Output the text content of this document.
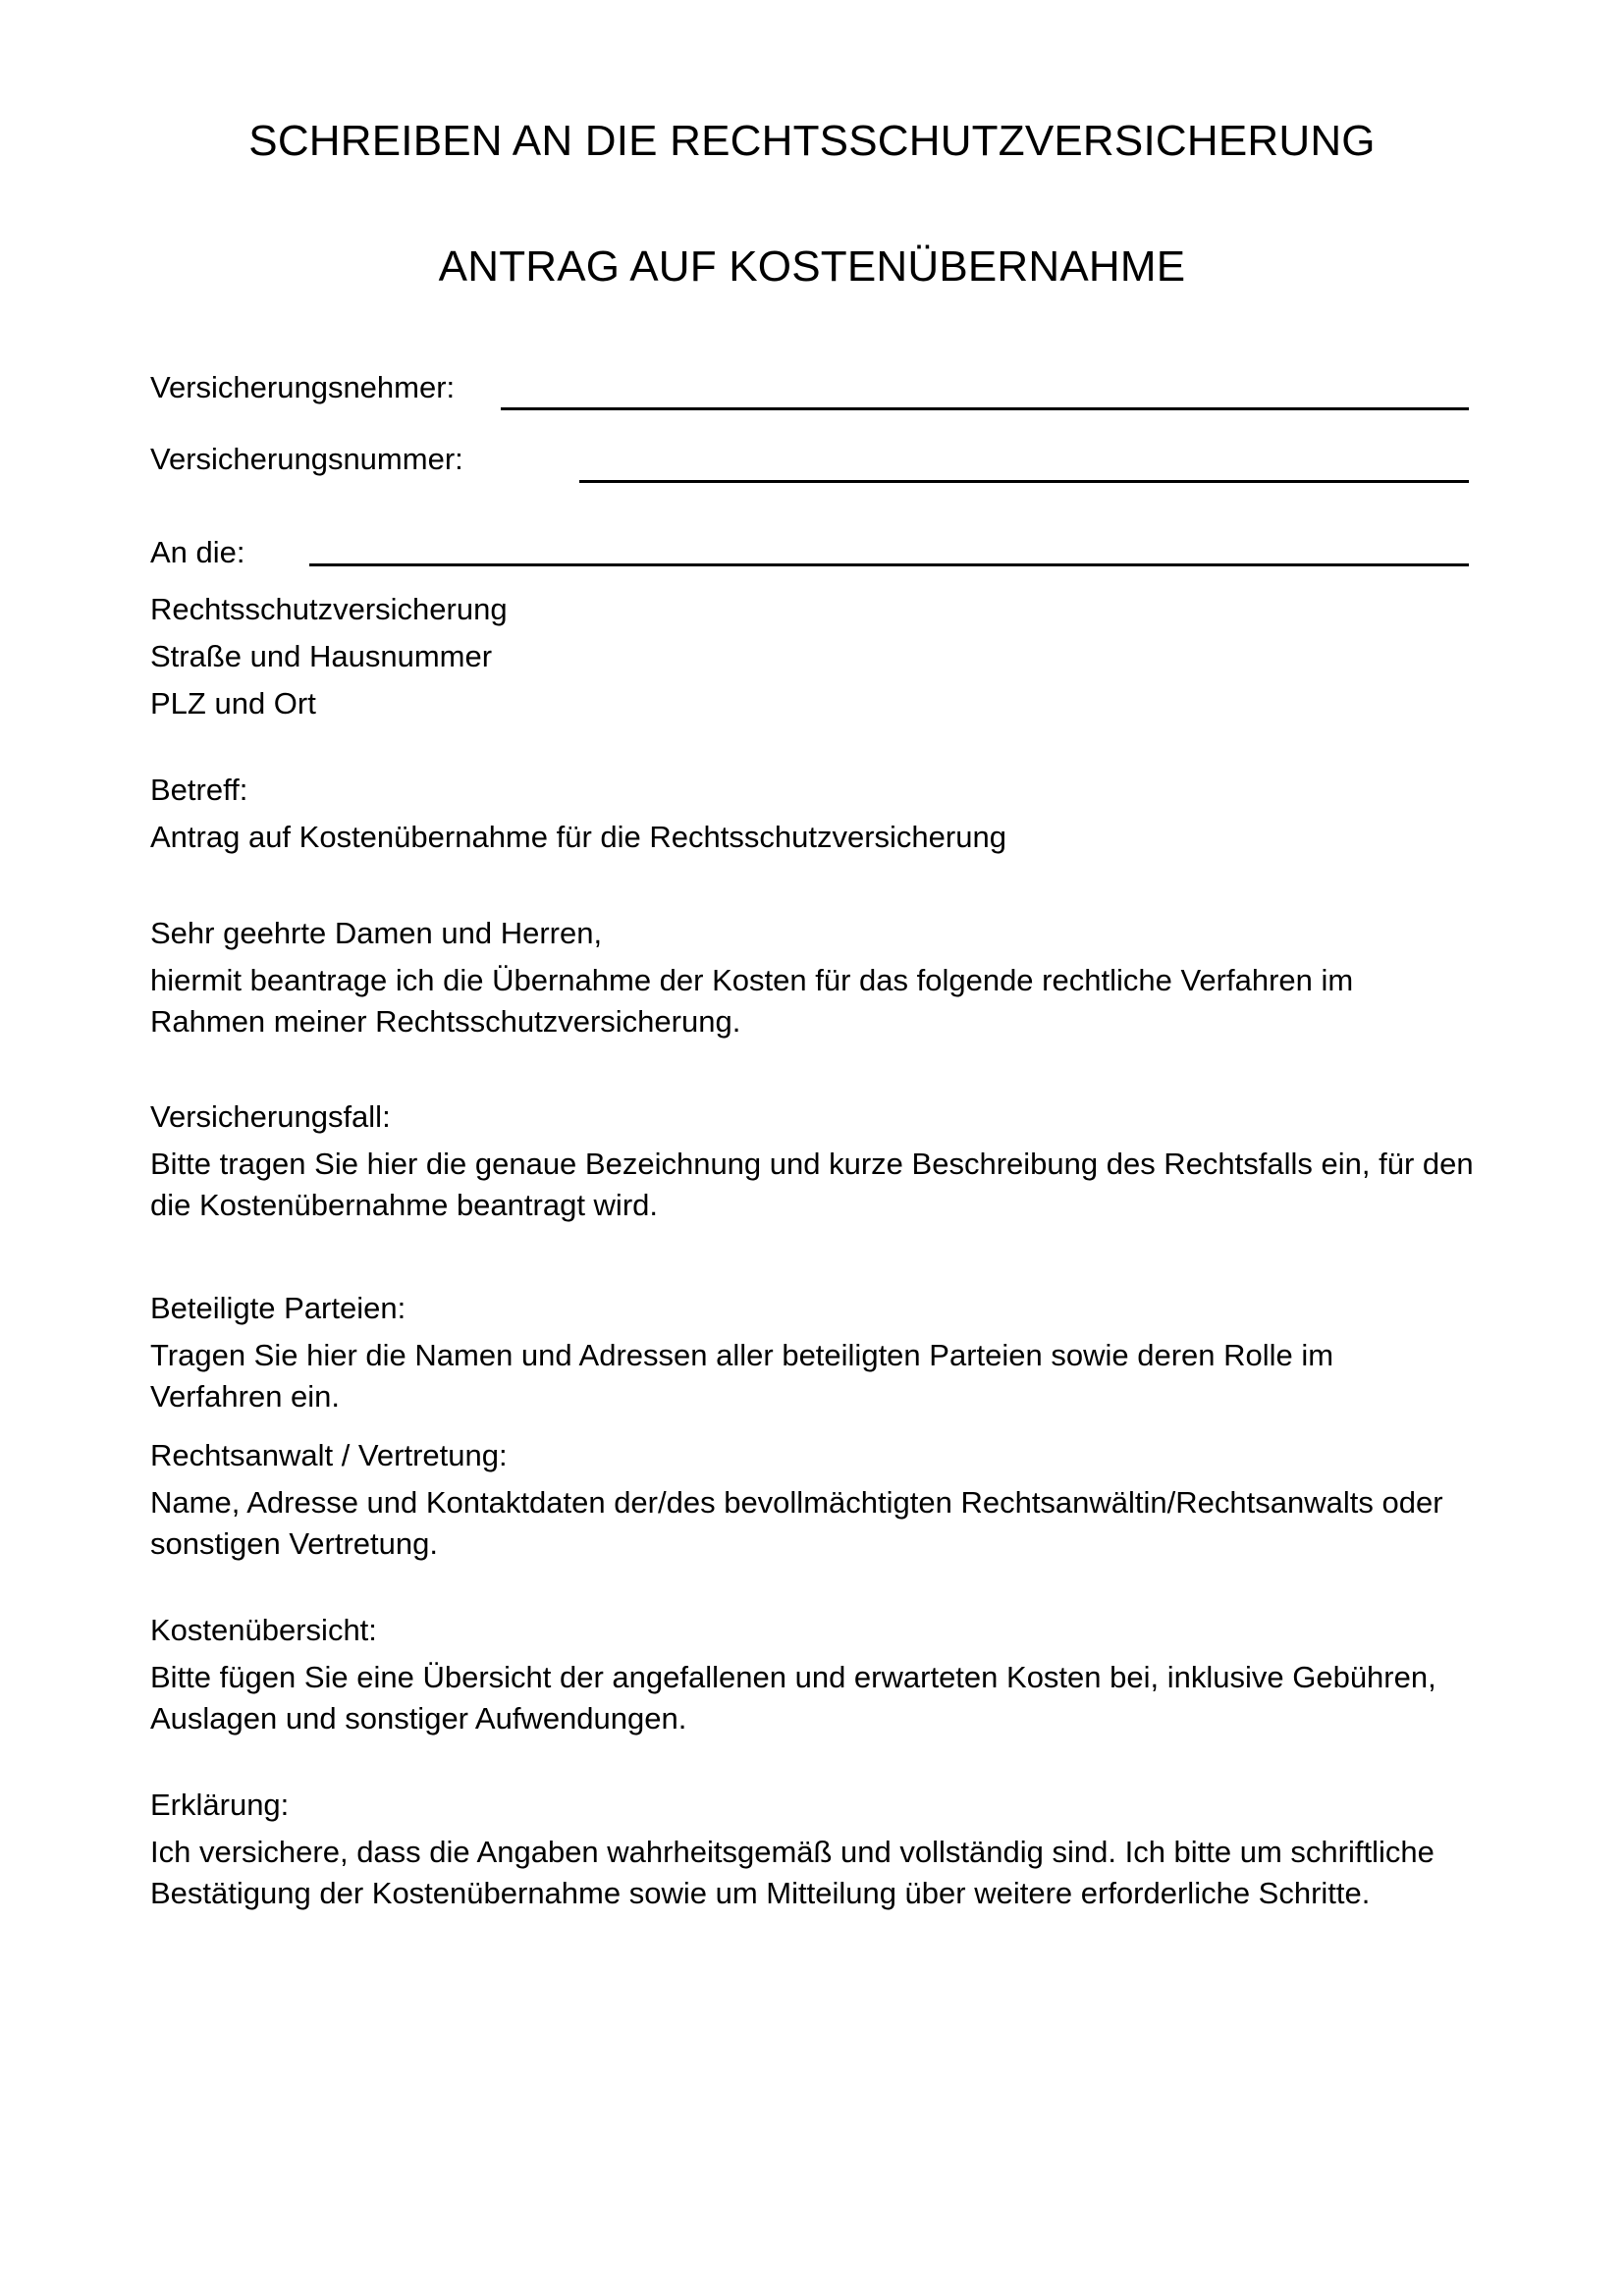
SCHREIBEN AN DIE RECHTSSCHUTZVERSICHERUNG
ANTRAG AUF KOSTENÜBERNAHME
Versicherungsnehmer:
Versicherungsnummer:
An die:
Rechtsschutzversicherung
Straße und Hausnummer
PLZ und Ort

Betreff:

Antrag auf Kostenübernahme für die Rechtsschutzversicherung

Sehr geehrte Damen und Herren,

hiermit beantrage ich die Übernahme der Kosten für das folgende rechtliche Verfahren im Rahmen meiner Rechtsschutzversicherung.

Versicherungsfall:

Bitte tragen Sie hier die genaue Bezeichnung und kurze Beschreibung des Rechtsfalls ein, für den die Kostenübernahme beantragt wird.

Beteiligte Parteien:

Tragen Sie hier die Namen und Adressen aller beteiligten Parteien sowie deren Rolle im Verfahren ein.

Rechtsanwalt / Vertretung:

Name, Adresse und Kontaktdaten der/des bevollmächtigten Rechtsanwältin/Rechtsanwalts oder sonstigen Vertretung.

Kostenübersicht:

Bitte fügen Sie eine Übersicht der angefallenen und erwarteten Kosten bei, inklusive Gebühren, Auslagen und sonstiger Aufwendungen.

Erklärung:

Ich versichere, dass die Angaben wahrheitsgemäß und vollständig sind. Ich bitte um schriftliche Bestätigung der Kostenübernahme sowie um Mitteilung über weitere erforderliche Schritte.
